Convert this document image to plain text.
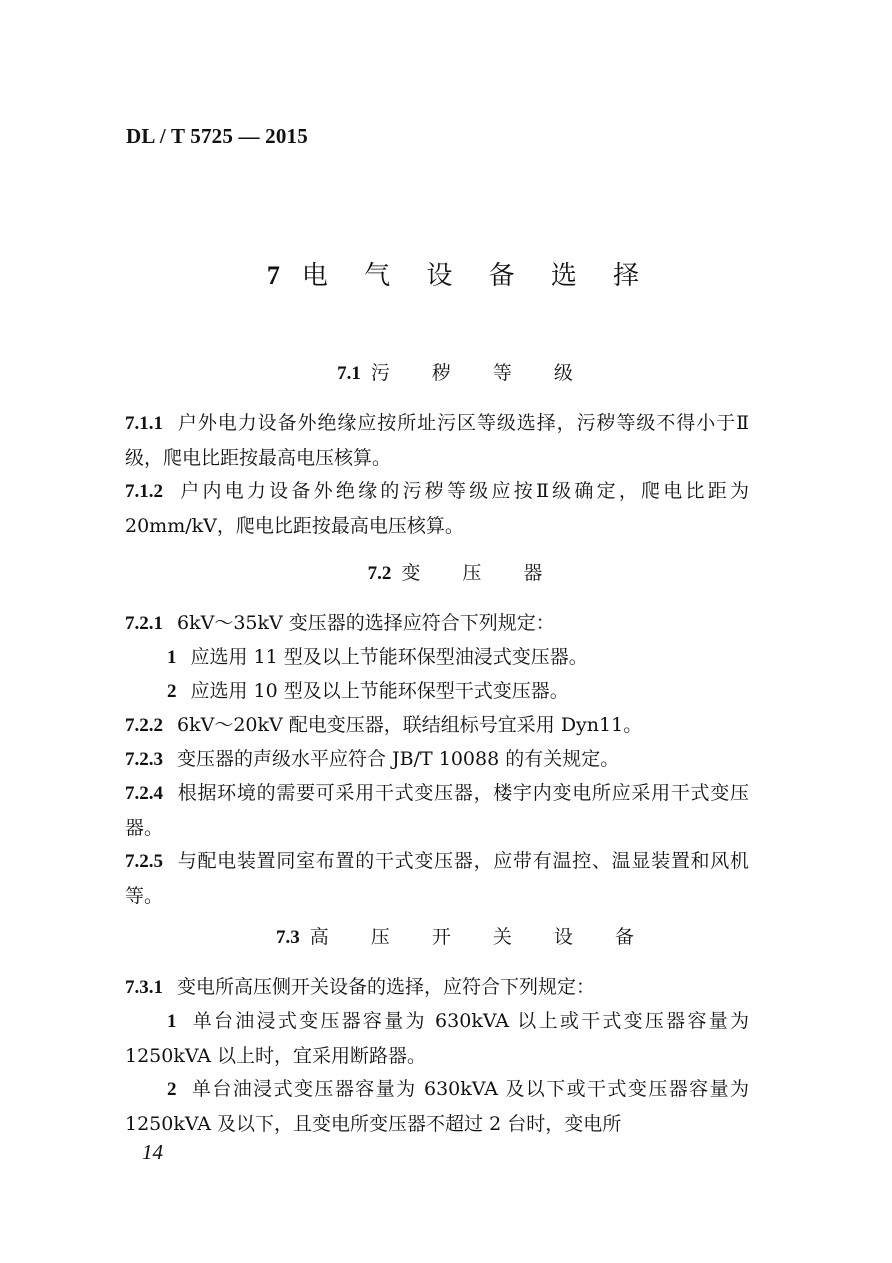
DL / T 5725 — 2015
7 电 气 设 备 选 择
7.1 污 秽 等 级
7.1.1 户外电力设备外绝缘应按所址污区等级选择，污秽等级不得小于Ⅱ级，爬电比距按最高电压核算。
7.1.2 户内电力设备外绝缘的污秽等级应按Ⅱ级确定，爬电比距为 20mm/kV，爬电比距按最高电压核算。
7.2 变 压 器
7.2.1 6kV～35kV 变压器的选择应符合下列规定：
1 应选用 11 型及以上节能环保型油浸式变压器。
2 应选用 10 型及以上节能环保型干式变压器。
7.2.2 6kV～20kV 配电变压器，联结组标号宜采用 Dyn11。
7.2.3 变压器的声级水平应符合 JB/T 10088 的有关规定。
7.2.4 根据环境的需要可采用干式变压器，楼宇内变电所应采用干式变压器。
7.2.5 与配电装置同室布置的干式变压器，应带有温控、温显装置和风机等。
7.3 高 压 开 关 设 备
7.3.1 变电所高压侧开关设备的选择，应符合下列规定：
1 单台油浸式变压器容量为 630kVA 以上或干式变压器容量为 1250kVA 以上时，宜采用断路器。
2 单台油浸式变压器容量为 630kVA 及以下或干式变压器容量为 1250kVA 及以下，且变电所变压器不超过 2 台时，变电所
14
